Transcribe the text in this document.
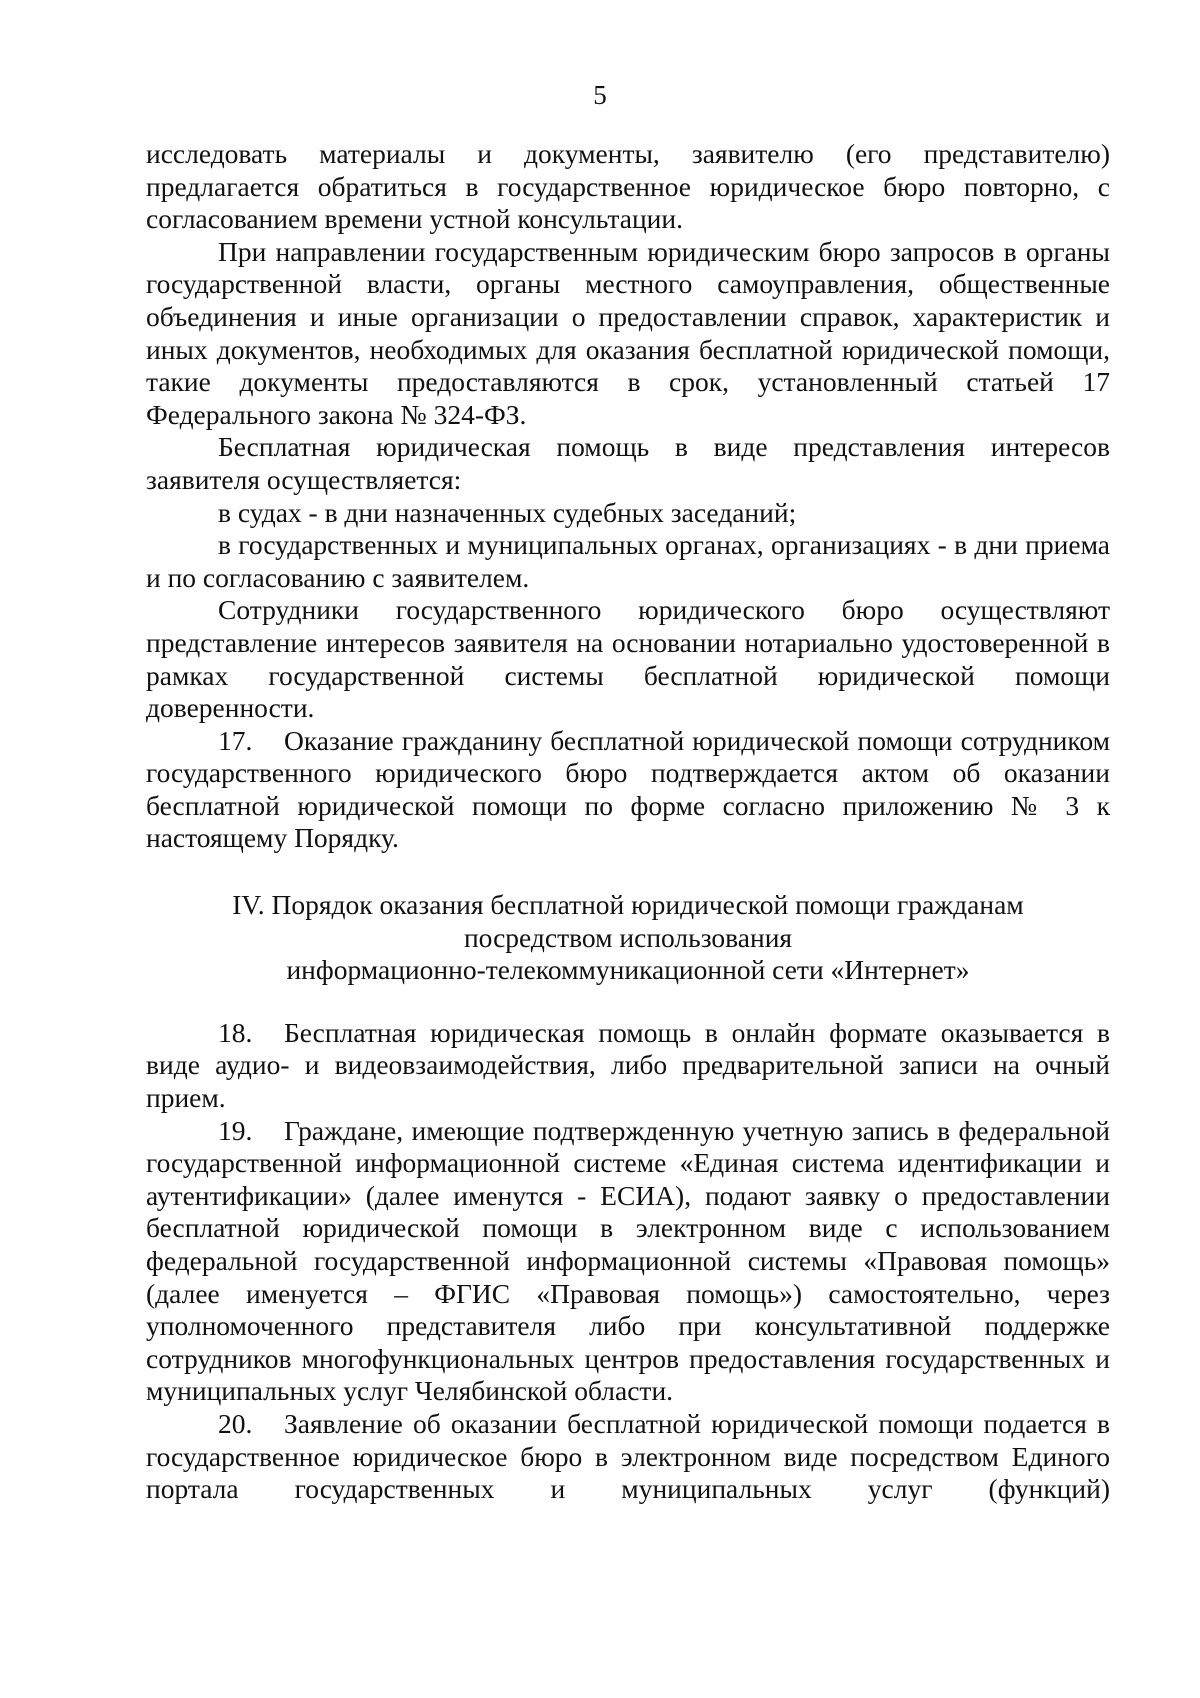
5

исследовать материалы и документы, заявителю (его представителю) предлагается обратиться в государственное юридическое бюро повторно, с согласованием времени устной консультации.

При направлении государственным юридическим бюро запросов в органы государственной власти, органы местного самоуправления, общественные объединения и иные организации о предоставлении справок, характеристик и иных документов, необходимых для оказания бесплатной юридической помощи, такие документы предоставляются в срок, установленный статьей 17 Федерального закона № 324-ФЗ.

Бесплатная юридическая помощь в виде представления интересов заявителя осуществляется:

в судах - в дни назначенных судебных заседаний;

в государственных и муниципальных органах, организациях - в дни приема и по согласованию с заявителем.

Сотрудники государственного юридического бюро осуществляют представление интересов заявителя на основании нотариально удостоверенной в рамках государственной системы бесплатной юридической помощи доверенности.

17. Оказание гражданину бесплатной юридической помощи сотрудником государственного юридического бюро подтверждается актом об оказании бесплатной юридической помощи по форме согласно приложению № 3 к настоящему Порядку.

IV. Порядок оказания бесплатной юридической помощи гражданам
посредством использования
информационно-телекоммуникационной сети «Интернет»

18. Бесплатная юридическая помощь в онлайн формате оказывается в виде аудио- и видеовзаимодействия, либо предварительной записи на очный прием.

19. Граждане, имеющие подтвержденную учетную запись в федеральной государственной информационной системе «Единая система идентификации и аутентификации» (далее именутся - ЕСИА), подают заявку о предоставлении бесплатной юридической помощи в электронном виде с использованием федеральной государственной информационной системы «Правовая помощь» (далее именуется – ФГИС «Правовая помощь») самостоятельно, через уполномоченного представителя либо при консультативной поддержке сотрудников многофункциональных центров предоставления государственных и муниципальных услуг Челябинской области.

20. Заявление об оказании бесплатной юридической помощи подается в государственное юридическое бюро в электронном виде посредством Единого портала государственных и муниципальных услуг (функций)
